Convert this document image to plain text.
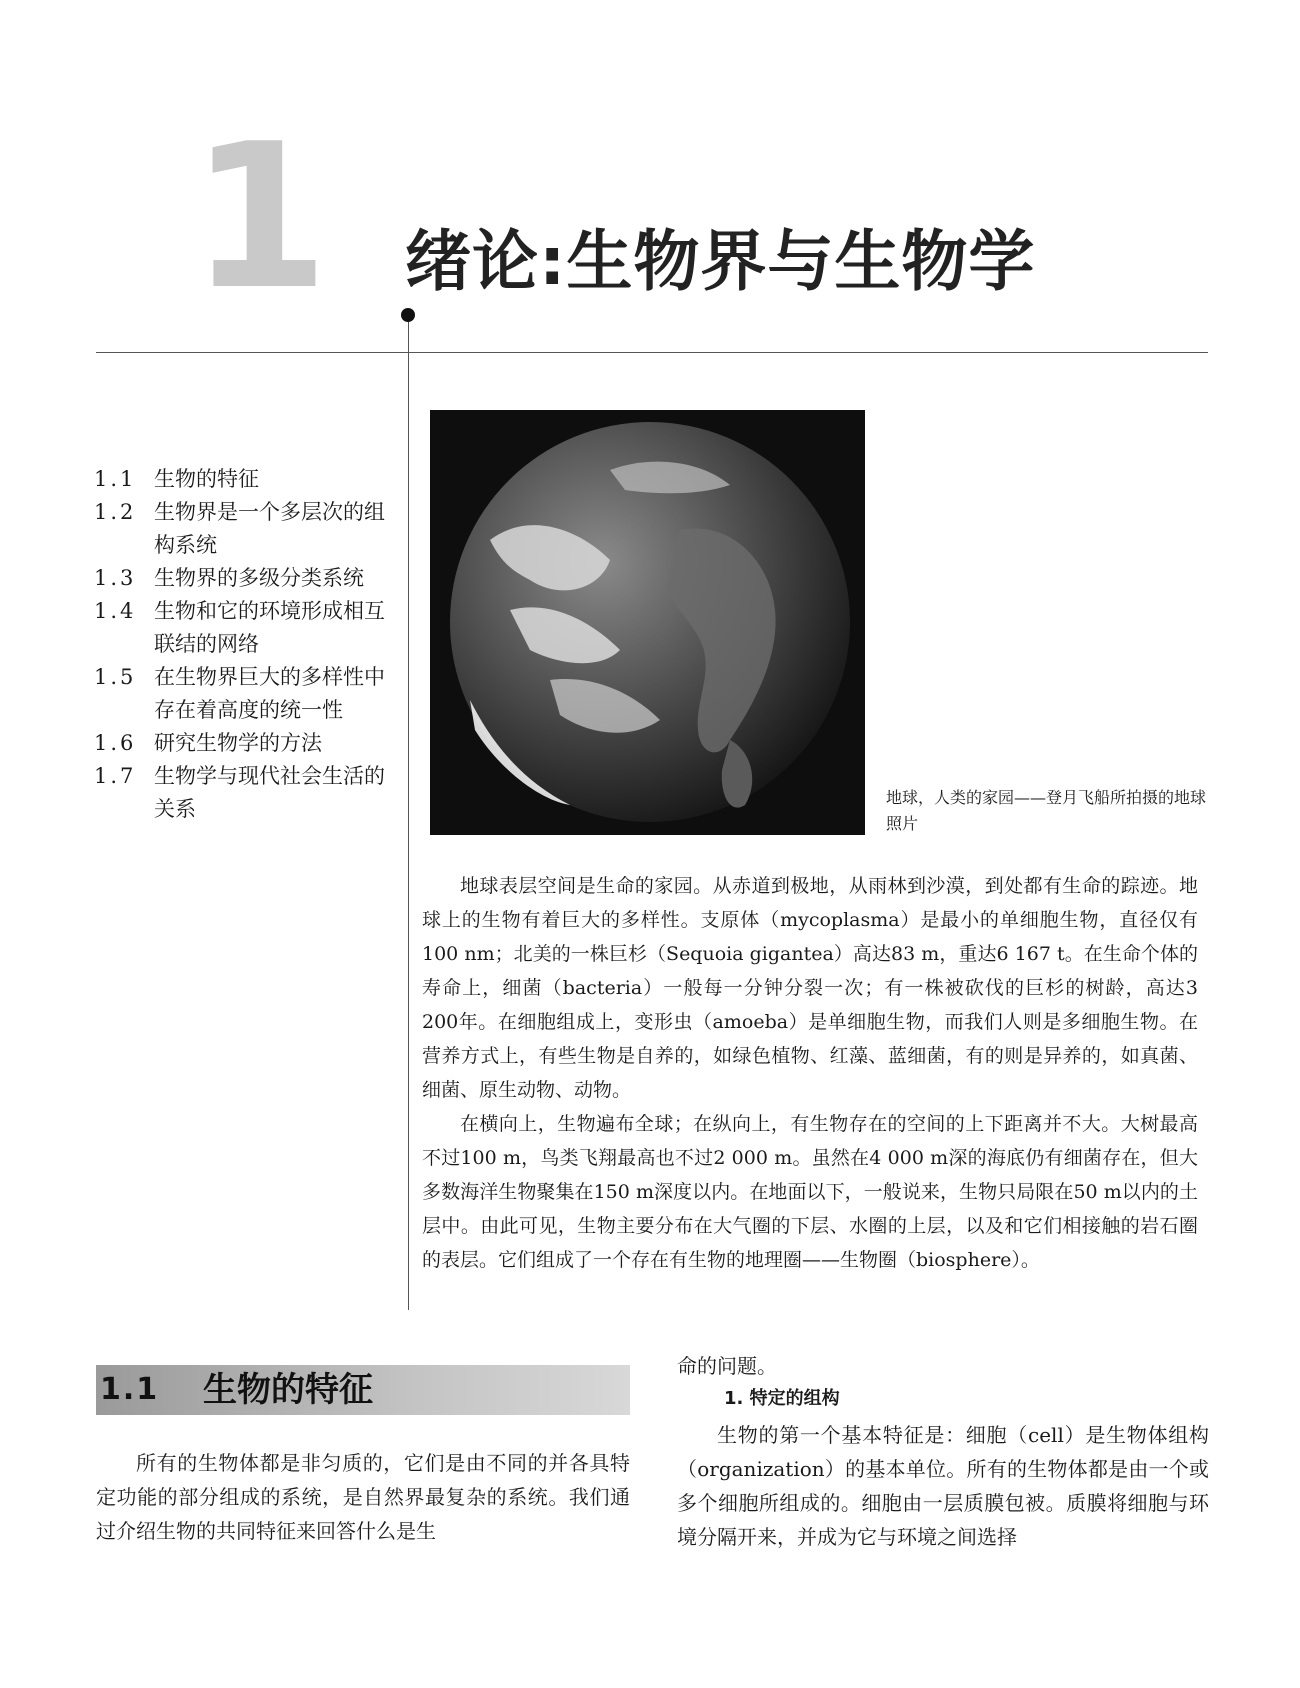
1 绪论:生物界与生物学
1.1 生物的特征
1.2 生物界是一个多层次的组构系统
1.3 生物界的多级分类系统
1.4 生物和它的环境形成相互联结的网络
1.5 在生物界巨大的多样性中存在着高度的统一性
1.6 研究生物学的方法
1.7 生物学与现代社会生活的关系	地球，人类的家园——登月飞船所拍摄的地球照片

地球表层空间是生命的家园。从赤道到极地，从雨林到沙漠，到处都有生命的踪迹。地球上的生物有着巨大的多样性。支原体（mycoplasma）是最小的单细胞生物，直径仅有100 nm；北美的一株巨杉（Sequoia gigantea）高达83 m，重达6 167 t。在生命个体的寿命上，细菌（bacteria）一般每一分钟分裂一次；有一株被砍伐的巨杉的树龄，高达3 200年。在细胞组成上，变形虫（amoeba）是单细胞生物，而我们人则是多细胞生物。在营养方式上，有些生物是自养的，如绿色植物、红藻、蓝细菌，有的则是异养的，如真菌、细菌、原生动物、动物。

在横向上，生物遍布全球；在纵向上，有生物存在的空间的上下距离并不大。大树最高不过100 m，鸟类飞翔最高也不过2 000 m。虽然在4 000 m深的海底仍有细菌存在，但大多数海洋生物聚集在150 m深度以内。在地面以下，一般说来，生物只局限在50 m以内的土层中。由此可见，生物主要分布在大气圈的下层、水圈的上层，以及和它们相接触的岩石圈的表层。它们组成了一个存在有生物的地理圈——生物圈（biosphere）。

1.1 生物的特征

所有的生物体都是非匀质的，它们是由不同的并各具特定功能的部分组成的系统，是自然界最复杂的系统。我们通过介绍生物的共同特征来回答什么是生

命的问题。

1. 特定的组构

生物的第一个基本特征是：细胞（cell）是生物体组构（organization）的基本单位。所有的生物体都是由一个或多个细胞所组成的。细胞由一层质膜包被。质膜将细胞与环境分隔开来，并成为它与环境之间选择
